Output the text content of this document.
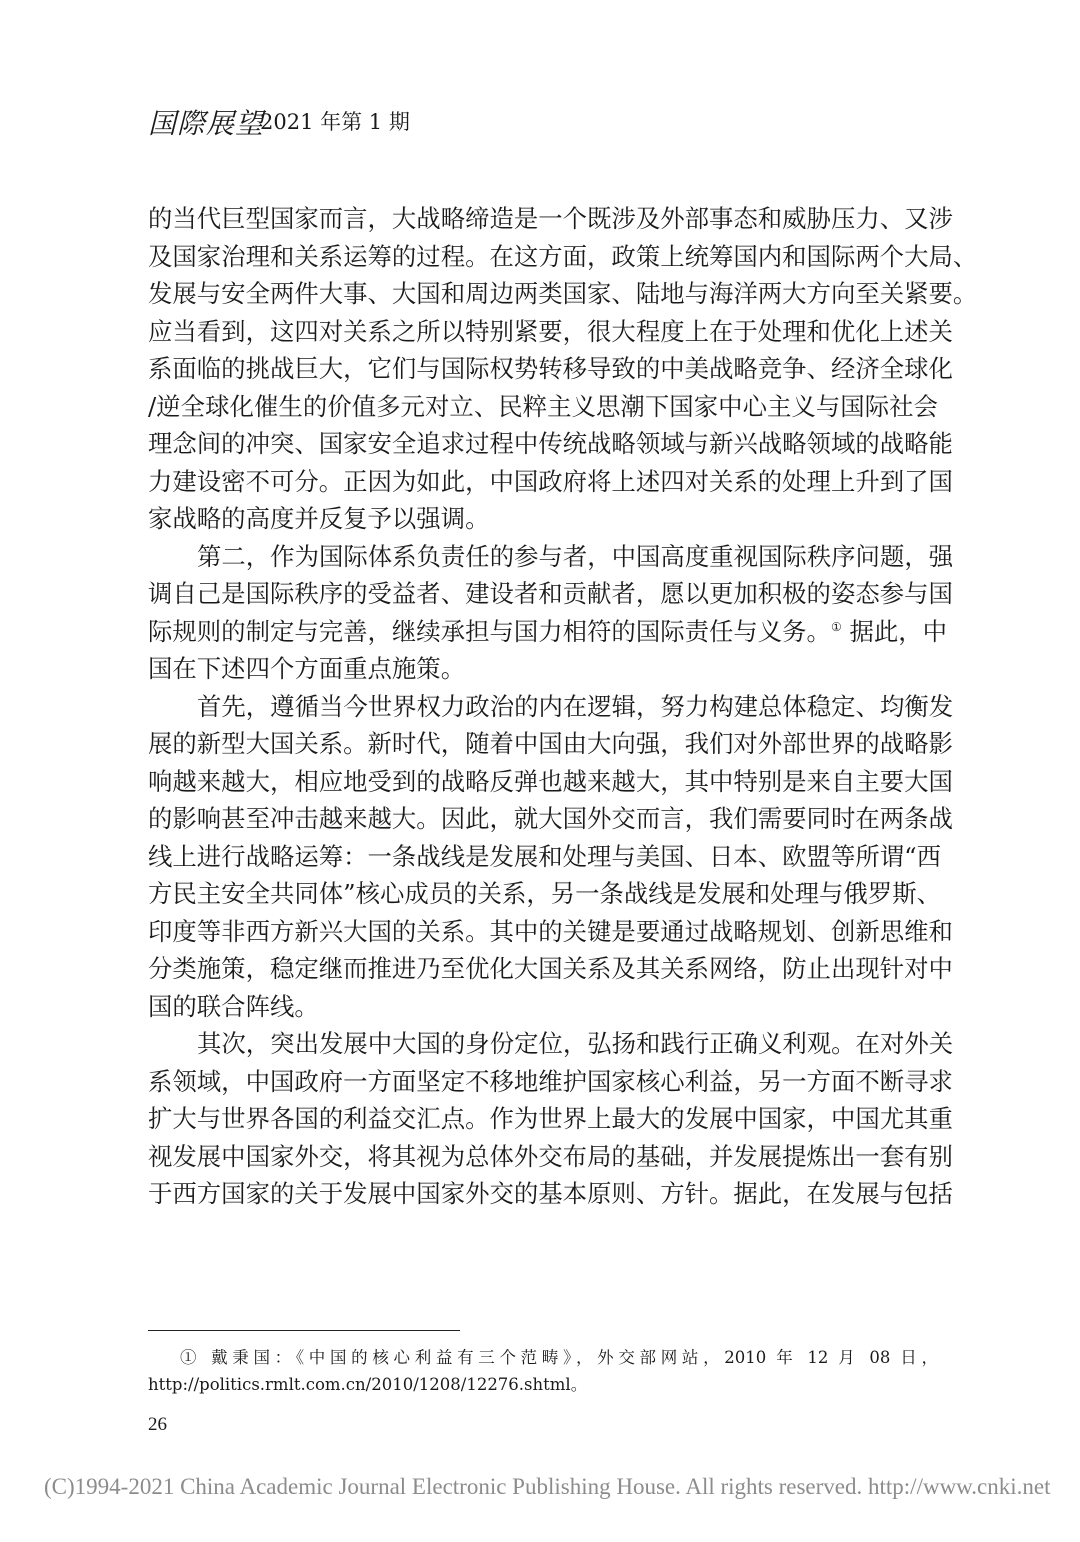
国際展望
2021 年第 1 期
的当代巨型国家而言，大战略缔造是一个既涉及外部事态和威胁压力、又涉
及国家治理和关系运筹的过程。在这方面，政策上统筹国内和国际两个大局、
发展与安全两件大事、大国和周边两类国家、陆地与海洋两大方向至关紧要。
应当看到，这四对关系之所以特别紧要，很大程度上在于处理和优化上述关
系面临的挑战巨大，它们与国际权势转移导致的中美战略竞争、经济全球化
/逆全球化催生的价值多元对立、民粹主义思潮下国家中心主义与国际社会
理念间的冲突、国家安全追求过程中传统战略领域与新兴战略领域的战略能
力建设密不可分。正因为如此，中国政府将上述四对关系的处理上升到了国
家战略的高度并反复予以强调。
第二，作为国际体系负责任的参与者，中国高度重视国际秩序问题，强
调自己是国际秩序的受益者、建设者和贡献者，愿以更加积极的姿态参与国
际规则的制定与完善，继续承担与国力相符的国际责任与义务。① 据此，中
国在下述四个方面重点施策。
首先，遵循当今世界权力政治的内在逻辑，努力构建总体稳定、均衡发
展的新型大国关系。新时代，随着中国由大向强，我们对外部世界的战略影
响越来越大，相应地受到的战略反弹也越来越大，其中特别是来自主要大国
的影响甚至冲击越来越大。因此，就大国外交而言，我们需要同时在两条战
线上进行战略运筹：一条战线是发展和处理与美国、日本、欧盟等所谓“西
方民主安全共同体”核心成员的关系，另一条战线是发展和处理与俄罗斯、
印度等非西方新兴大国的关系。其中的关键是要通过战略规划、创新思维和
分类施策，稳定继而推进乃至优化大国关系及其关系网络，防止出现针对中
国的联合阵线。
其次，突出发展中大国的身份定位，弘扬和践行正确义利观。在对外关
系领域，中国政府一方面坚定不移地维护国家核心利益，另一方面不断寻求
扩大与世界各国的利益交汇点。作为世界上最大的发展中国家，中国尤其重
视发展中国家外交，将其视为总体外交布局的基础，并发展提炼出一套有别
于西方国家的关于发展中国家外交的基本原则、方针。据此，在发展与包括
① 戴秉国：《中国的核心利益有三个范畴》，外交部网站，2010 年 12 月 08 日，
http://politics.rmlt.com.cn/2010/1208/12276.shtml。
26
(C)1994-2021 China Academic Journal Electronic Publishing House. All rights reserved. http://www.cnki.net
